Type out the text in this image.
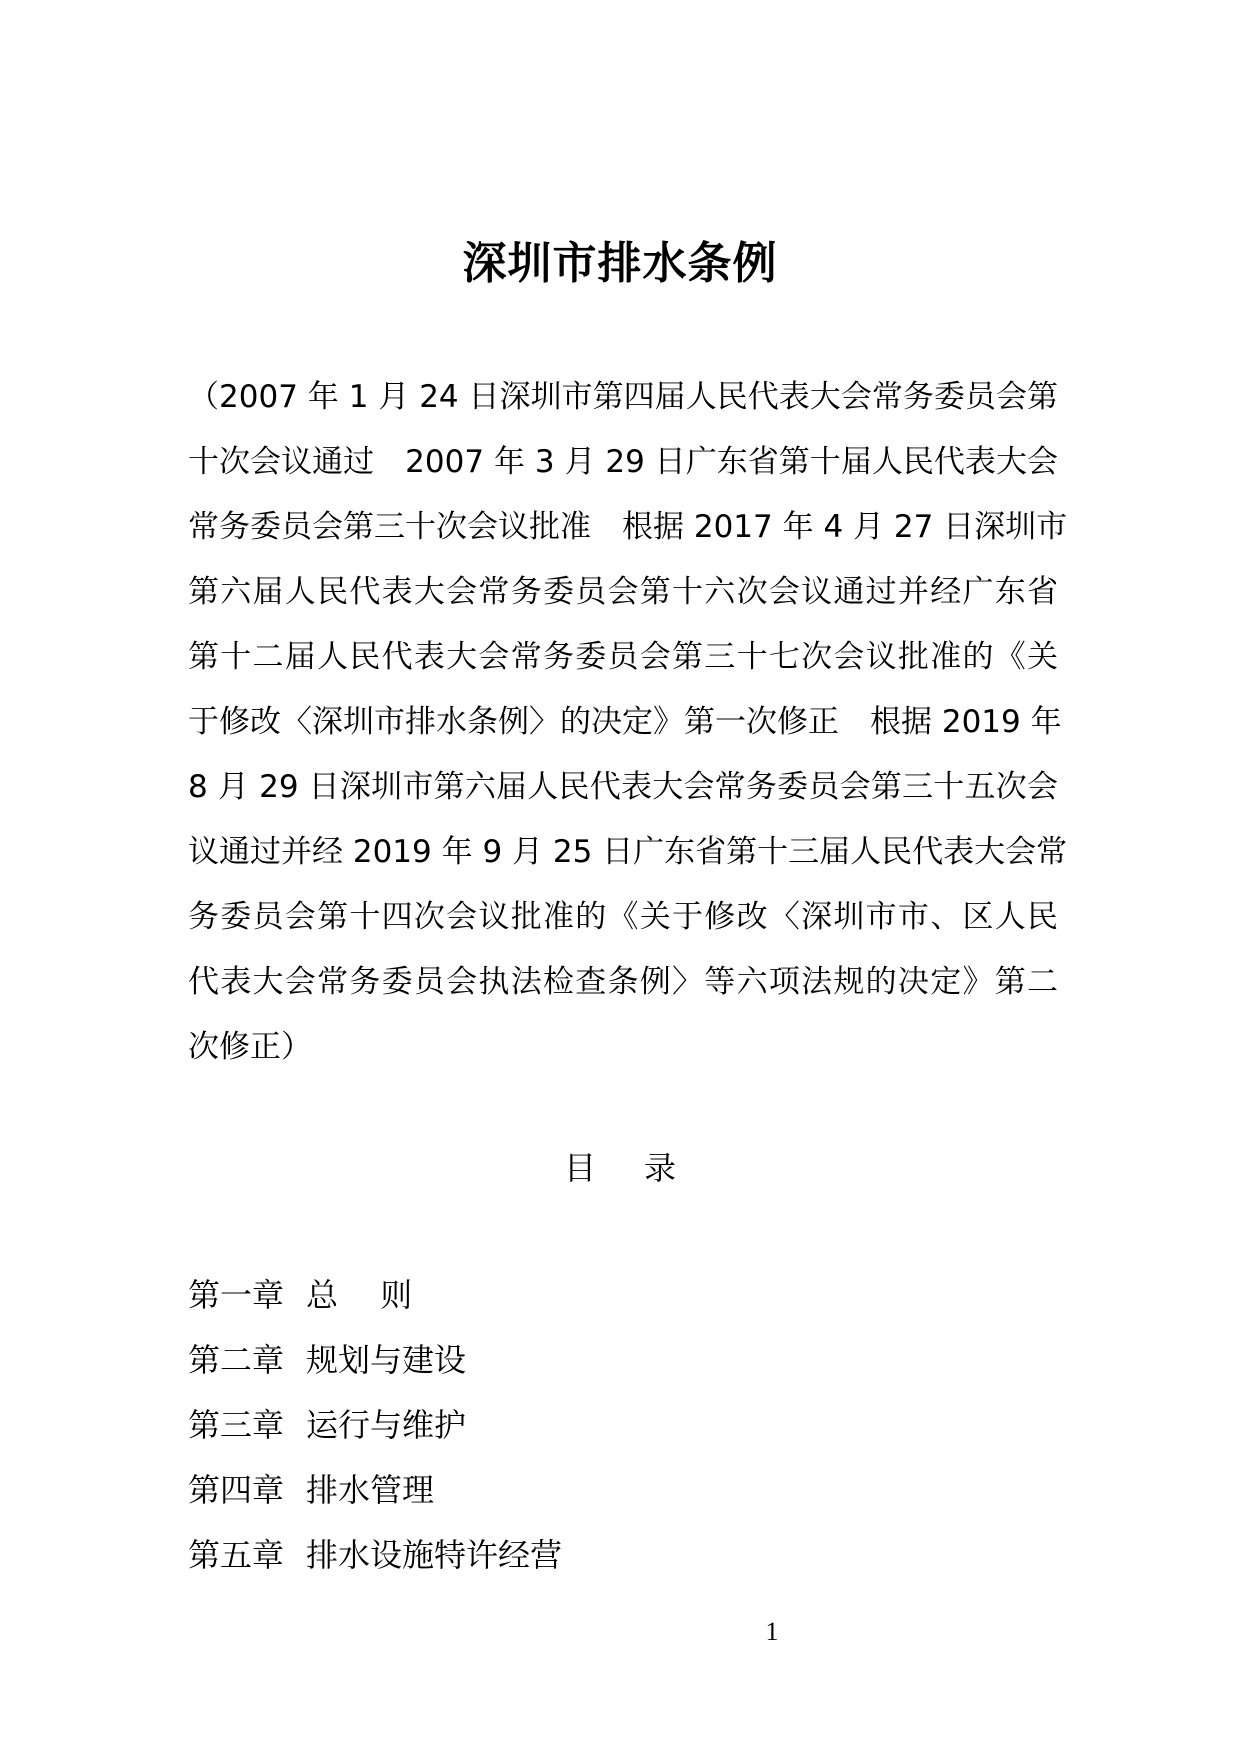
深圳市排水条例
（2007 年 1 月 24 日深圳市第四届人民代表大会常务委员会第
十次会议通过　2007 年 3 月 29 日广东省第十届人民代表大会
常务委员会第三十次会议批准　根据 2017 年 4 月 27 日深圳市
第六届人民代表大会常务委员会第十六次会议通过并经广东省
第十二届人民代表大会常务委员会第三十七次会议批准的《关
于修改〈深圳市排水条例〉的决定》第一次修正　根据 2019 年
8 月 29 日深圳市第六届人民代表大会常务委员会第三十五次会
议通过并经 2019 年 9 月 25 日广东省第十三届人民代表大会常
务委员会第十四次会议批准的《关于修改〈深圳市市、区人民
代表大会常务委员会执法检查条例〉等六项法规的决定》第二
次修正）
目 录
第一章 总　 则
第二章 规划与建设
第三章 运行与维护
第四章 排水管理
第五章 排水设施特许经营
1
